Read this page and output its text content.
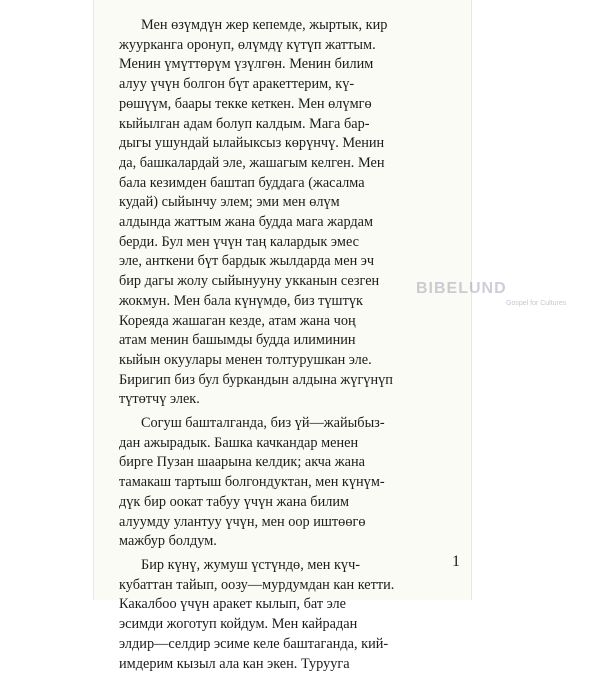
Мен өзүмдүн жер кепемде, жыртык, кир
жуурканга оронуп, өлүмдү күтүп жаттым.
Менин үмүттөрүм үзүлгөн. Менин билим
алуу үчүн болгон бүт аракеттерим, кү-
рөшүүм, баары текке кеткен. Мен өлүмгө
кыйылган адам болуп калдым. Мага бар-
дыгы ушундай ылайыксыз көрүнчү. Менин
да, башкалардай эле, жашагым келген. Мен
бала кезимден баштап буддага (жасалма
кудай) сыйынчу элем; эми мен өлүм
алдында жаттым жана будда мага жардам
берди. Бул мен үчүн таң калардык эмес
эле, анткени бүт бардык жылдарда мен эч
бир дагы жолу сыйынууну укканын сезген
жокмун. Мен бала күнүмдө, биз түштүк
Кореяда жашаган кезде, атам жана чоң
атам менин башымды будда илиминин
кыйын окуулары менен толтурушкан эле.
Биригип биз бул буркандын алдына жүгүнүп
түтөтчү элек.
Согуш башталганда, биз үй—жайыбыз-
дан ажырадык. Башка качкандар менен
бирге Пузан шаарына келдик; акча жана
тамакаш тартыш болгондуктан, мен күнүм-
дүк бир оокат табуу үчүн жана билим
алуумду улантуу үчүн, мен оор иштөөгө
мажбур болдум.
Бир күнү, жумуш үстүндө, мен күч-
кубаттан тайып, оозу—мурдумдан кан кетти.
Какалбоо үчүн аракет кылып, бат эле
эсимди жоготуп койдум. Мен кайрадан
элдир—селдир эсиме келе баштаганда, кий-
имдерим кызыл ала кан экен. Туруугa
BIBELUND
Gospel for Cultures
1
